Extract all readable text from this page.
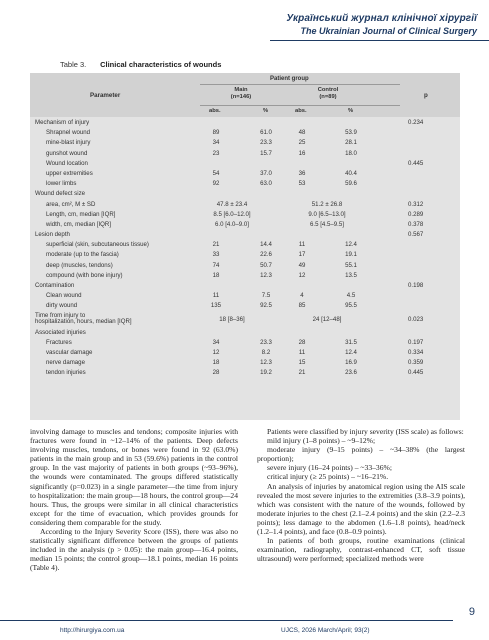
Український журнал клінічної хірургії
The Ukrainian Journal of Clinical Surgery
Table 3. Clinical characteristics of wounds
Parameter
Patient group
Main
(n=146)
Control
(n=89)	p
abs.	%	abs.	%
Mechanism of injury	0.234
Shrapnel wound	89	61.0	48	53.9
mine-blast injury	34	23.3	25	28.1
gunshot wound	23	15.7	16	18.0
Wound location	0.445
upper extremities	54	37.0	36	40.4
lower limbs	92	63.0	53	59.6
Wound defect size
area, cm², M ± SD	47.8 ± 23.4	51.2 ± 26.8	0.312
Length, cm, median [IQR]	8.5 [6.0–12.0]	9.0 [6.5–13.0]	0.289
width, cm, median [IQR]	6.0 [4.0–9.0]	6.5 [4.5–9.5]	0.378
Lesion depth	0.567
superficial (skin, subcutaneous tissue)	21	14.4	11	12.4
moderate (up to the fascia)	33	22.6	17	19.1
deep (muscles, tendons)	74	50.7	49	55.1
compound (with bone injury)	18	12.3	12	13.5
Contamination	0.198
Clean wound	11	7.5	4	4.5
dirty wound	135	92.5	85	95.5
Time from injury to
hospitalization, hours, median [IQR]	18 [8–36]	24 [12–48]	0.023
Associated injuries
Fractures	34	23.3	28	31.5	0.197
vascular damage	12	8.2	11	12.4	0.334
nerve damage	18	12.3	15	16.9	0.359
tendon injuries	28	19.2	21	23.6	0.445

involving damage to muscles and tendons; composite injuries with fractures were found in ~12–14% of the patients. Deep defects involving muscles, tendons, or bones were found in 92 (63.0%) patients in the main group and in 53 (59.6%) patients in the control group. In the vast majority of patients in both groups (~93–96%), the wounds were contaminated. The groups differed statistically significantly (p=0.023) in a single parameter—the time from injury to hospitalization: the main group—18 hours, the control group—24 hours. Thus, the groups were similar in all clinical characteristics except for the time of evacuation, which provides grounds for considering them comparable for the study.

According to the Injury Severity Score (ISS), there was also no statistically significant difference between the groups of patients included in the analysis (p > 0.05): the main group—16.4 points, median 15 points; the control group—18.1 points, median 16 points (Table 4).

Patients were classified by injury severity (ISS scale) as follows:

mild injury (1–8 points) – ~9–12%;

moderate injury (9–15 points) – ~34–38% (the largest proportion);

severe injury (16–24 points) – ~33–36%;

critical injury (≥ 25 points) – ~16–21%.

An analysis of injuries by anatomical region using the AIS scale revealed the most severe injuries to the extremities (3.8–3.9 points), which was consistent with the nature of the wounds, followed by moderate injuries to the chest (2.1–2.4 points) and the skin (2.2–2.3 points); less damage to the abdomen (1.6–1.8 points), head/neck (1.2–1.4 points), and face (0.8–0.9 points).

In patients of both groups, routine examinations (clinical examination, radiography, contrast-enhanced CT, soft tissue ultrasound) were performed; specialized methods were

9
http://hirurgiya.com.ua	UJCS, 2026 March/April; 93(2)
